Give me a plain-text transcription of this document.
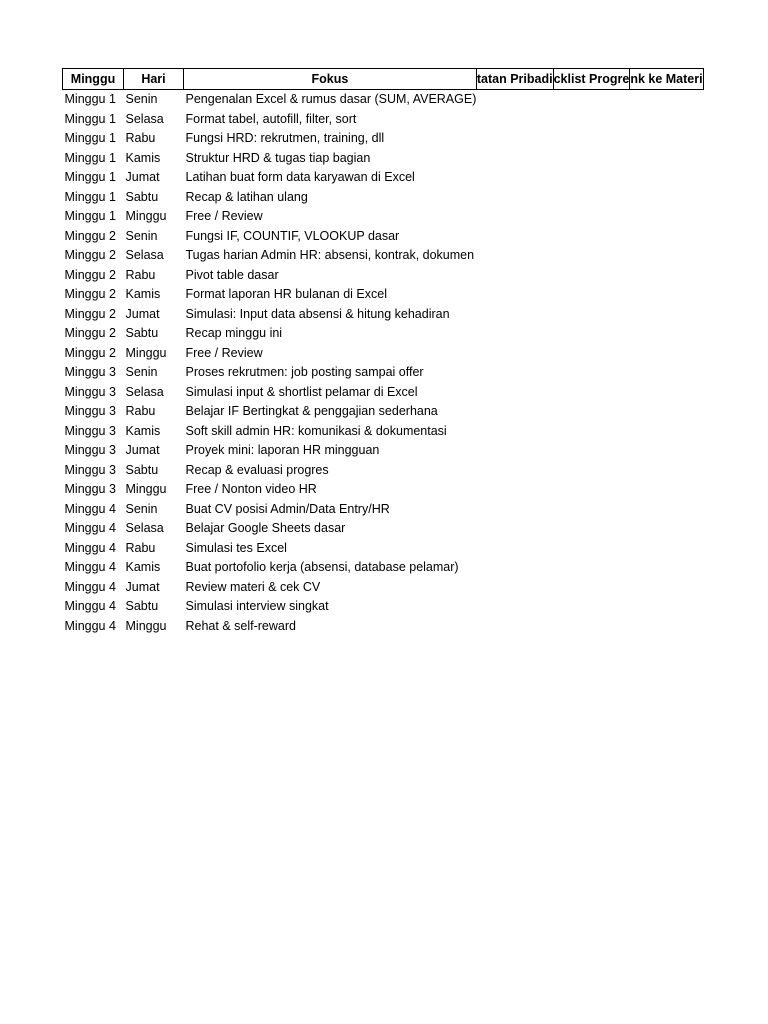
Minggu	Hari	Fokus	tatan Pribadi	cklist Progre	nk ke Materi
Minggu 1	Senin	Pengenalan Excel & rumus dasar (SUM, AVERAGE)			
Minggu 1	Selasa	Format tabel, autofill, filter, sort			
Minggu 1	Rabu	Fungsi HRD: rekrutmen, training, dll			
Minggu 1	Kamis	Struktur HRD & tugas tiap bagian			
Minggu 1	Jumat	Latihan buat form data karyawan di Excel			
Minggu 1	Sabtu	Recap & latihan ulang			
Minggu 1	Minggu	Free / Review			
Minggu 2	Senin	Fungsi IF, COUNTIF, VLOOKUP dasar			
Minggu 2	Selasa	Tugas harian Admin HR: absensi, kontrak, dokumen			
Minggu 2	Rabu	Pivot table dasar			
Minggu 2	Kamis	Format laporan HR bulanan di Excel			
Minggu 2	Jumat	Simulasi: Input data absensi & hitung kehadiran			
Minggu 2	Sabtu	Recap minggu ini			
Minggu 2	Minggu	Free / Review			
Minggu 3	Senin	Proses rekrutmen: job posting sampai offer			
Minggu 3	Selasa	Simulasi input & shortlist pelamar di Excel			
Minggu 3	Rabu	Belajar IF Bertingkat & penggajian sederhana			
Minggu 3	Kamis	Soft skill admin HR: komunikasi & dokumentasi			
Minggu 3	Jumat	Proyek mini: laporan HR mingguan			
Minggu 3	Sabtu	Recap & evaluasi progres			
Minggu 3	Minggu	Free / Nonton video HR			
Minggu 4	Senin	Buat CV posisi Admin/Data Entry/HR			
Minggu 4	Selasa	Belajar Google Sheets dasar			
Minggu 4	Rabu	Simulasi tes Excel			
Minggu 4	Kamis	Buat portofolio kerja (absensi, database pelamar)			
Minggu 4	Jumat	Review materi & cek CV			
Minggu 4	Sabtu	Simulasi interview singkat			
Minggu 4	Minggu	Rehat & self-reward			
